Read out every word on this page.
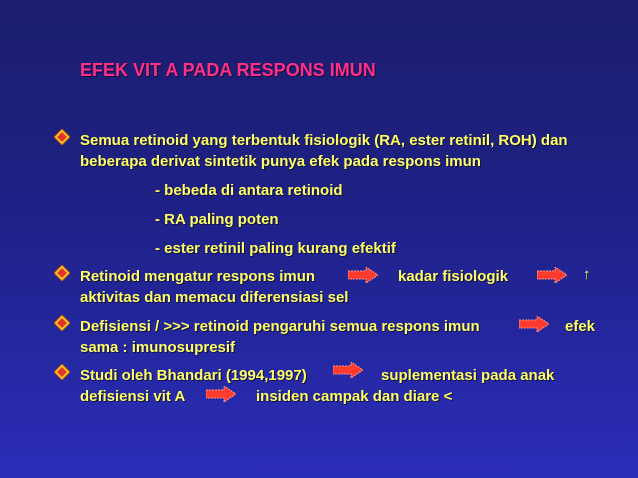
EFEK VIT A PADA RESPONS IMUN
Semua retinoid yang terbentuk fisiologik (RA, ester retinil, ROH) dan
beberapa derivat sintetik punya efek pada respons imun
- bebeda di antara retinoid
- RA paling poten
- ester retinil paling kurang efektif
Retinoid mengatur respons imun	kadar fisiologik	↑
aktivitas dan memacu diferensiasi sel
Defisiensi / >>> retinoid pengaruhi semua respons imun	efek
sama : imunosupresif
Studi oleh Bhandari (1994,1997)	suplementasi pada anak
defisiensi vit A	insiden campak dan diare <
